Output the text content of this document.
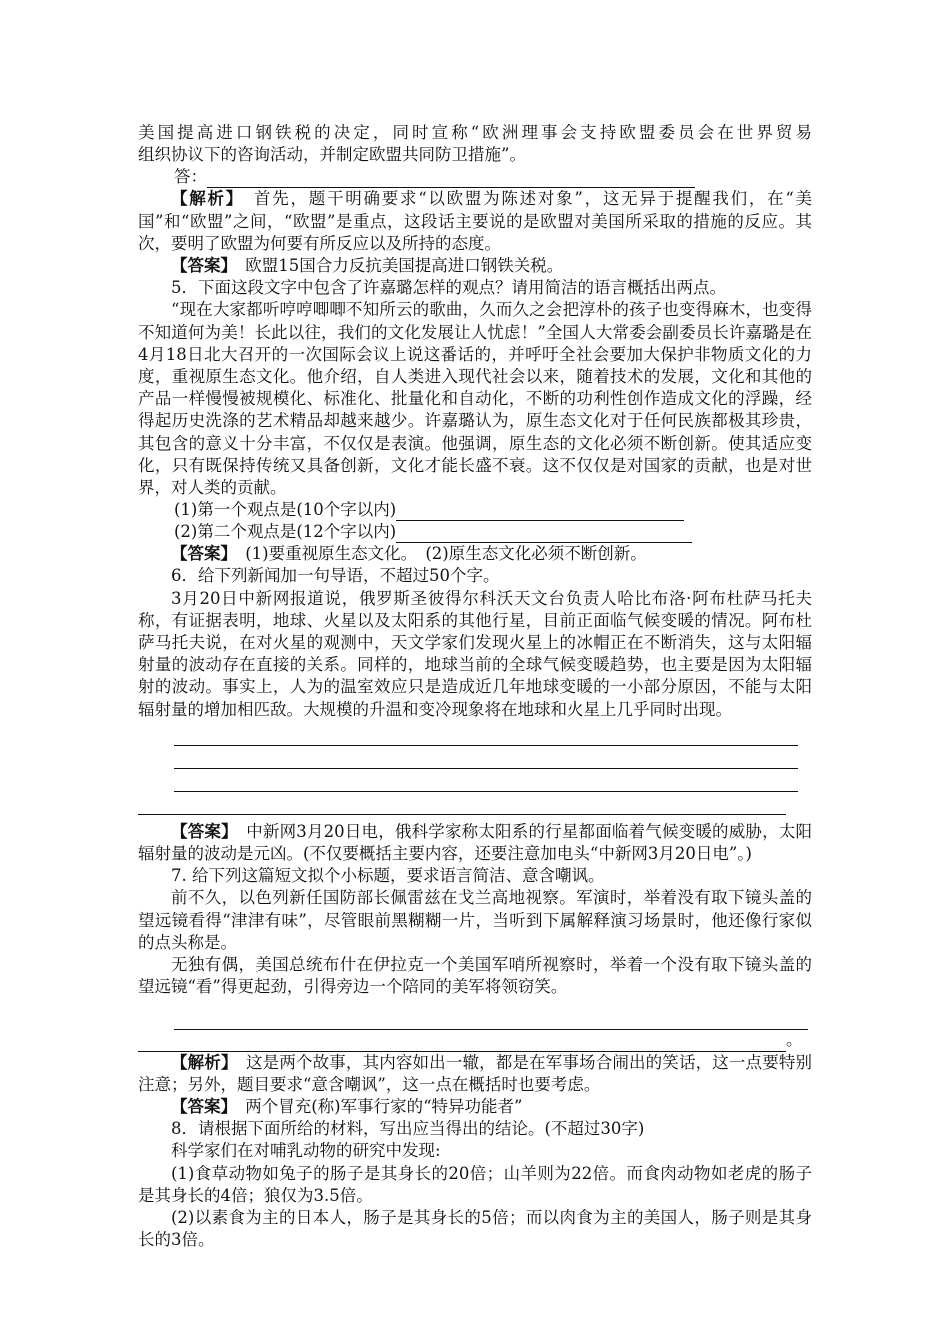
美国提高进口钢铁税的决定，同时宣称“欧洲理事会支持欧盟委员会在世界贸易

组织协议下的咨询活动，并制定欧盟共同防卫措施”。

答：

【解析】　首先，题干明确要求“以欧盟为陈述对象”，这无异于提醒我们，在“美国”和“欧盟”之间，“欧盟”是重点，这段话主要说的是欧盟对美国所采取的措施的反应。其次，要明了欧盟为何要有所反应以及所持的态度。

【答案】　欧盟15国合力反抗美国提高进口钢铁关税。

5．下面这段文字中包含了许嘉璐怎样的观点？请用简洁的语言概括出两点。

“现在大家都听哼哼唧唧不知所云的歌曲，久而久之会把淳朴的孩子也变得麻木，也变得不知道何为美！长此以往，我们的文化发展让人忧虑！”全国人大常委会副委员长许嘉璐是在4月18日北大召开的一次国际会议上说这番话的，并呼吁全社会要加大保护非物质文化的力度，重视原生态文化。他介绍，自人类进入现代社会以来，随着技术的发展，文化和其他的产品一样慢慢被规模化、标准化、批量化和自动化，不断的功利性创作造成文化的浮躁，经得起历史洗涤的艺术精品却越来越少。许嘉璐认为，原生态文化对于任何民族都极其珍贵，其包含的意义十分丰富，不仅仅是表演。他强调，原生态的文化必须不断创新。使其适应变化，只有既保持传统又具备创新，文化才能长盛不衰。这不仅仅是对国家的贡献，也是对世界，对人类的贡献。

(1)第一个观点是(10个字以内)
(2)第二个观点是(12个字以内)

【答案】　(1)要重视原生态文化。　(2)原生态文化必须不断创新。

6．给下列新闻加一句导语，不超过50个字。

3月20日中新网报道说，俄罗斯圣彼得尔科沃天文台负责人哈比布洛·阿布杜萨马托夫称，有证据表明，地球、火星以及太阳系的其他行星，目前正面临气候变暖的情况。阿布杜萨马托夫说，在对火星的观测中，天文学家们发现火星上的冰帽正在不断消失，这与太阳辐射量的波动存在直接的关系。同样的，地球当前的全球气候变暖趋势，也主要是因为太阳辐射的波动。事实上，人为的温室效应只是造成近几年地球变暖的一小部分原因，不能与太阳辐射量的增加相匹敌。大规模的升温和变冷现象将在地球和火星上几乎同时出现。

【答案】　中新网3月20日电，俄科学家称太阳系的行星都面临着气候变暖的威胁，太阳辐射量的波动是元凶。(不仅要概括主要内容，还要注意加电头“中新网3月20日电”。)

7. 给下列这篇短文拟个小标题，要求语言简洁、意含嘲讽。

前不久，以色列新任国防部长佩雷兹在戈兰高地视察。军演时，举着没有取下镜头盖的望远镜看得“津津有味”，尽管眼前黑糊糊一片，当听到下属解释演习场景时，他还像行家似的点头称是。

无独有偶，美国总统布什在伊拉克一个美国军哨所视察时，举着一个没有取下镜头盖的望远镜“看”得更起劲，引得旁边一个陪同的美军将领窃笑。

。

【解析】　这是两个故事，其内容如出一辙，都是在军事场合闹出的笑话，这一点要特别注意；另外，题目要求“意含嘲讽”，这一点在概括时也要考虑。

【答案】　两个冒充(称)军事行家的“特异功能者”

8．请根据下面所给的材料，写出应当得出的结论。(不超过30字)

科学家们在对哺乳动物的研究中发现:

(1)食草动物如兔子的肠子是其身长的20倍；山羊则为22倍。而食肉动物如老虎的肠子是其身长的4倍；狼仅为3.5倍。

(2)以素食为主的日本人，肠子是其身长的5倍；而以肉食为主的美国人，肠子则是其身长的3倍。
